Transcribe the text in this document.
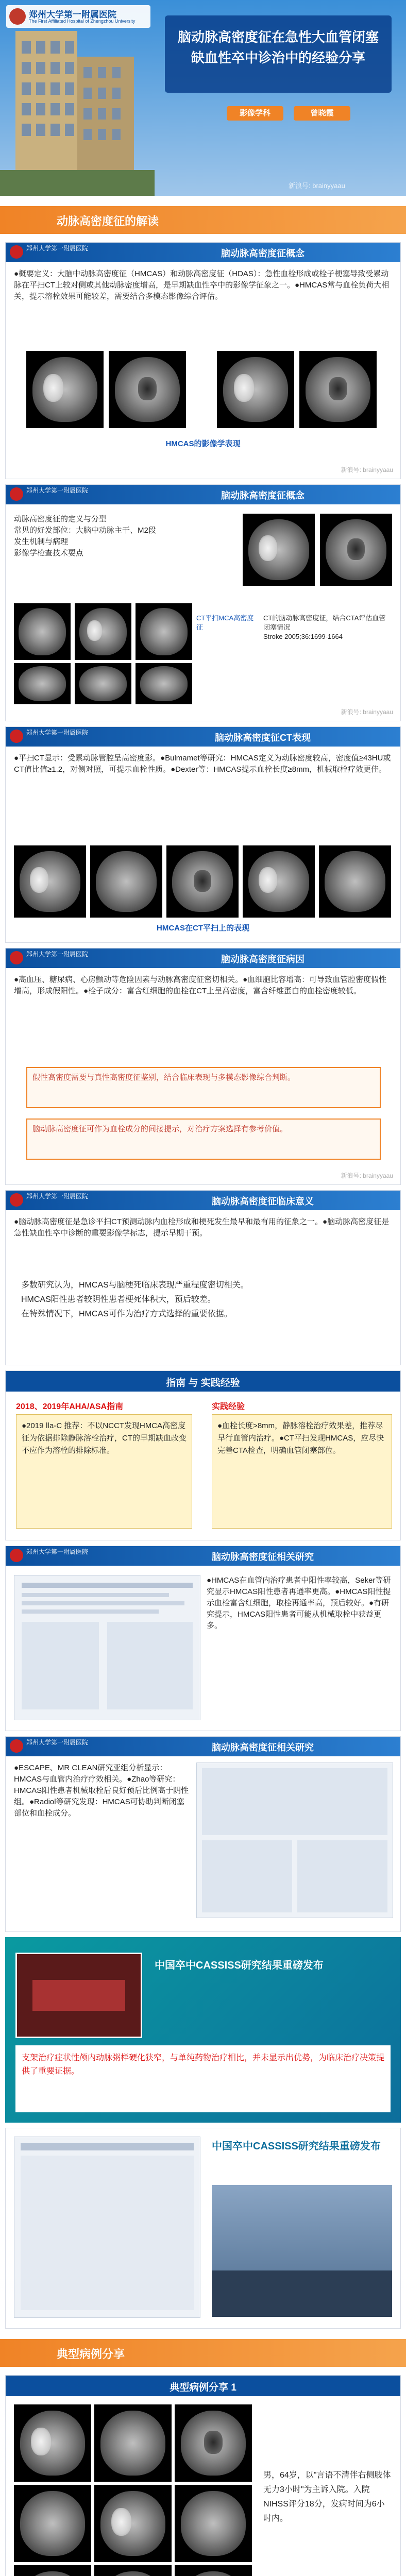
郑州大学第一附属医院
The First Affiliated Hospital of Zhengzhou University
脑动脉高密度征在急性大血管闭塞缺血性卒中诊治中的经验分享
影像学科	曾晓霞
新浪号: brainyyaau
动脉高密度征的解读
郑州大学第一附属医院	脑动脉高密度征概念
●概要定义：大脑中动脉高密度征（HMCAS）和动脉高密度征（HDAS）：急性血栓形成或栓子梗塞导致受累动脉在平扫CT上较对侧或其他动脉密度增高，是早期缺血性卒中的影像学征象之一。●HMCAS常与血栓负荷大相关，提示溶栓效果可能较差，需要结合多模态影像综合评估。
HMCAS的影像学表现
新浪号: brainyyaau
郑州大学第一附属医院	脑动脉高密度征概念
动脉高密度征的定义与分型
常见的好发部位：大脑中动脉主干、M2段
发生机制与病理
影像学检查技术要点
CT平扫MCA高密度征
CT的脑动脉高密度征，结合CTA评估血管闭塞情况
Stroke 2005;36:1699-1664
新浪号: brainyyaau
郑州大学第一附属医院	脑动脉高密度征CT表现
●平扫CT显示：受累动脉管腔呈高密度影。●Bulmamet等研究：HMCAS定义为动脉密度较高，密度值≥43HU或CT值比值≥1.2，对侧对照，可提示血栓性质。●Dexter等：HMCAS提示血栓长度≥8mm，机械取栓疗效更佳。
HMCAS在CT平扫上的表现
郑州大学第一附属医院	脑动脉高密度征病因
●高血压、糖尿病、心房颤动等危险因素与动脉高密度征密切相关。●血细胞比容增高：可导致血管腔密度假性增高，形成假阳性。●栓子成分：富含红细胞的血栓在CT上呈高密度，富含纤维蛋白的血栓密度较低。
假性高密度需要与真性高密度征鉴别，结合临床表现与多模态影像综合判断。
脑动脉高密度征可作为血栓成分的间接提示，对治疗方案选择有参考价值。
新浪号: brainyyaau
郑州大学第一附属医院	脑动脉高密度征临床意义
●脑动脉高密度征是急诊平扫CT预测动脉内血栓形成和梗死发生最早和最有用的征象之一。●脑动脉高密度征是急性缺血性卒中诊断的重要影像学标志，提示早期干预。
多数研究认为，HMCAS与脑梗死临床表现严重程度密切相关。
HMCAS阳性患者较阴性患者梗死体积大，预后较差。
在特殊情况下，HMCAS可作为治疗方式选择的重要依据。
指南 与 实践经验
2018、2019年AHA/ASA指南
●2019 Ⅱa-C 推荐：不以NCCT发现HMCA高密度征为依据排除静脉溶栓治疗，CT的早期缺血改变不应作为溶栓的排除标准。
实践经验
●血栓长度>8mm，静脉溶栓治疗效果差，推荐尽早行血管内治疗。●CT平扫发现HMCAS，应尽快完善CTA检查，明确血管闭塞部位。
郑州大学第一附属医院	脑动脉高密度征相关研究
●HMCAS在血管内治疗患者中阳性率较高，Seker等研究显示HMCAS阳性患者再通率更高。●HMCAS阳性提示血栓富含红细胞，取栓再通率高，预后较好。●有研究提示，HMCAS阳性患者可能从机械取栓中获益更多。
郑州大学第一附属医院	脑动脉高密度征相关研究
●ESCAPE、MR CLEAN研究亚组分析显示：HMCAS与血管内治疗疗效相关。●Zhao等研究：HMCAS阳性患者机械取栓后良好预后比例高于阴性组。●Radiol等研究发现：HMCAS可协助判断闭塞部位和血栓成分。
中国卒中CASSISS研究结果重磅发布
支架治疗症状性颅内动脉粥样硬化狭窄，与单纯药物治疗相比，并未显示出优势，为临床治疗决策提供了重要证据。
中国卒中CASSISS研究结果重磅发布
典型病例分享
典型病例分享 1
男，64岁，以"言语不清伴右侧肢体无力3小时"为主诉入院。入院NIHSS评分18分，发病时间为6小时内。
